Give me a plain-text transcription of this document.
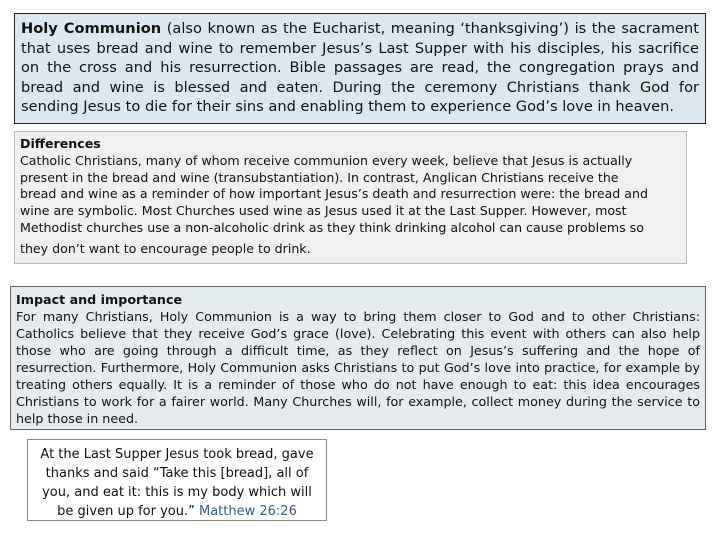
Holy Communion (also known as the Eucharist, meaning ‘thanksgiving’) is the sacrament
that uses bread and wine to remember Jesus’s Last Supper with his disciples, his sacrifice
on the cross and his resurrection. Bible passages are read, the congregation prays and
bread and wine is blessed and eaten. During the ceremony Christians thank God for
sending Jesus to die for their sins and enabling them to experience God’s love in heaven.
Differences
Catholic Christians, many of whom receive communion every week, believe that Jesus is actually
present in the bread and wine (transubstantiation). In contrast, Anglican Christians receive the
bread and wine as a reminder of how important Jesus’s death and resurrection were: the bread and
wine are symbolic. Most Churches used wine as Jesus used it at the Last Supper. However, most
Methodist churches use a non-alcoholic drink as they think drinking alcohol can cause problems so
they don’t want to encourage people to drink.
Impact and importance
For many Christians, Holy Communion is a way to bring them closer to God and to other Christians: Catholics believe that they receive God’s grace (love). Celebrating this event with others can also help those who are going through a difficult time, as they reflect on Jesus’s suffering and the hope of resurrection. Furthermore, Holy Communion asks Christians to put God’s love into practice, for example by treating others equally. It is a reminder of those who do not have enough to eat: this idea encourages Christians to work for a fairer world. Many Churches will, for example, collect money during the service to help those in need.
At the Last Supper Jesus took bread, gave thanks and said “Take this [bread], all of you, and eat it: this is my body which will be given up for you.” Matthew 26:26
